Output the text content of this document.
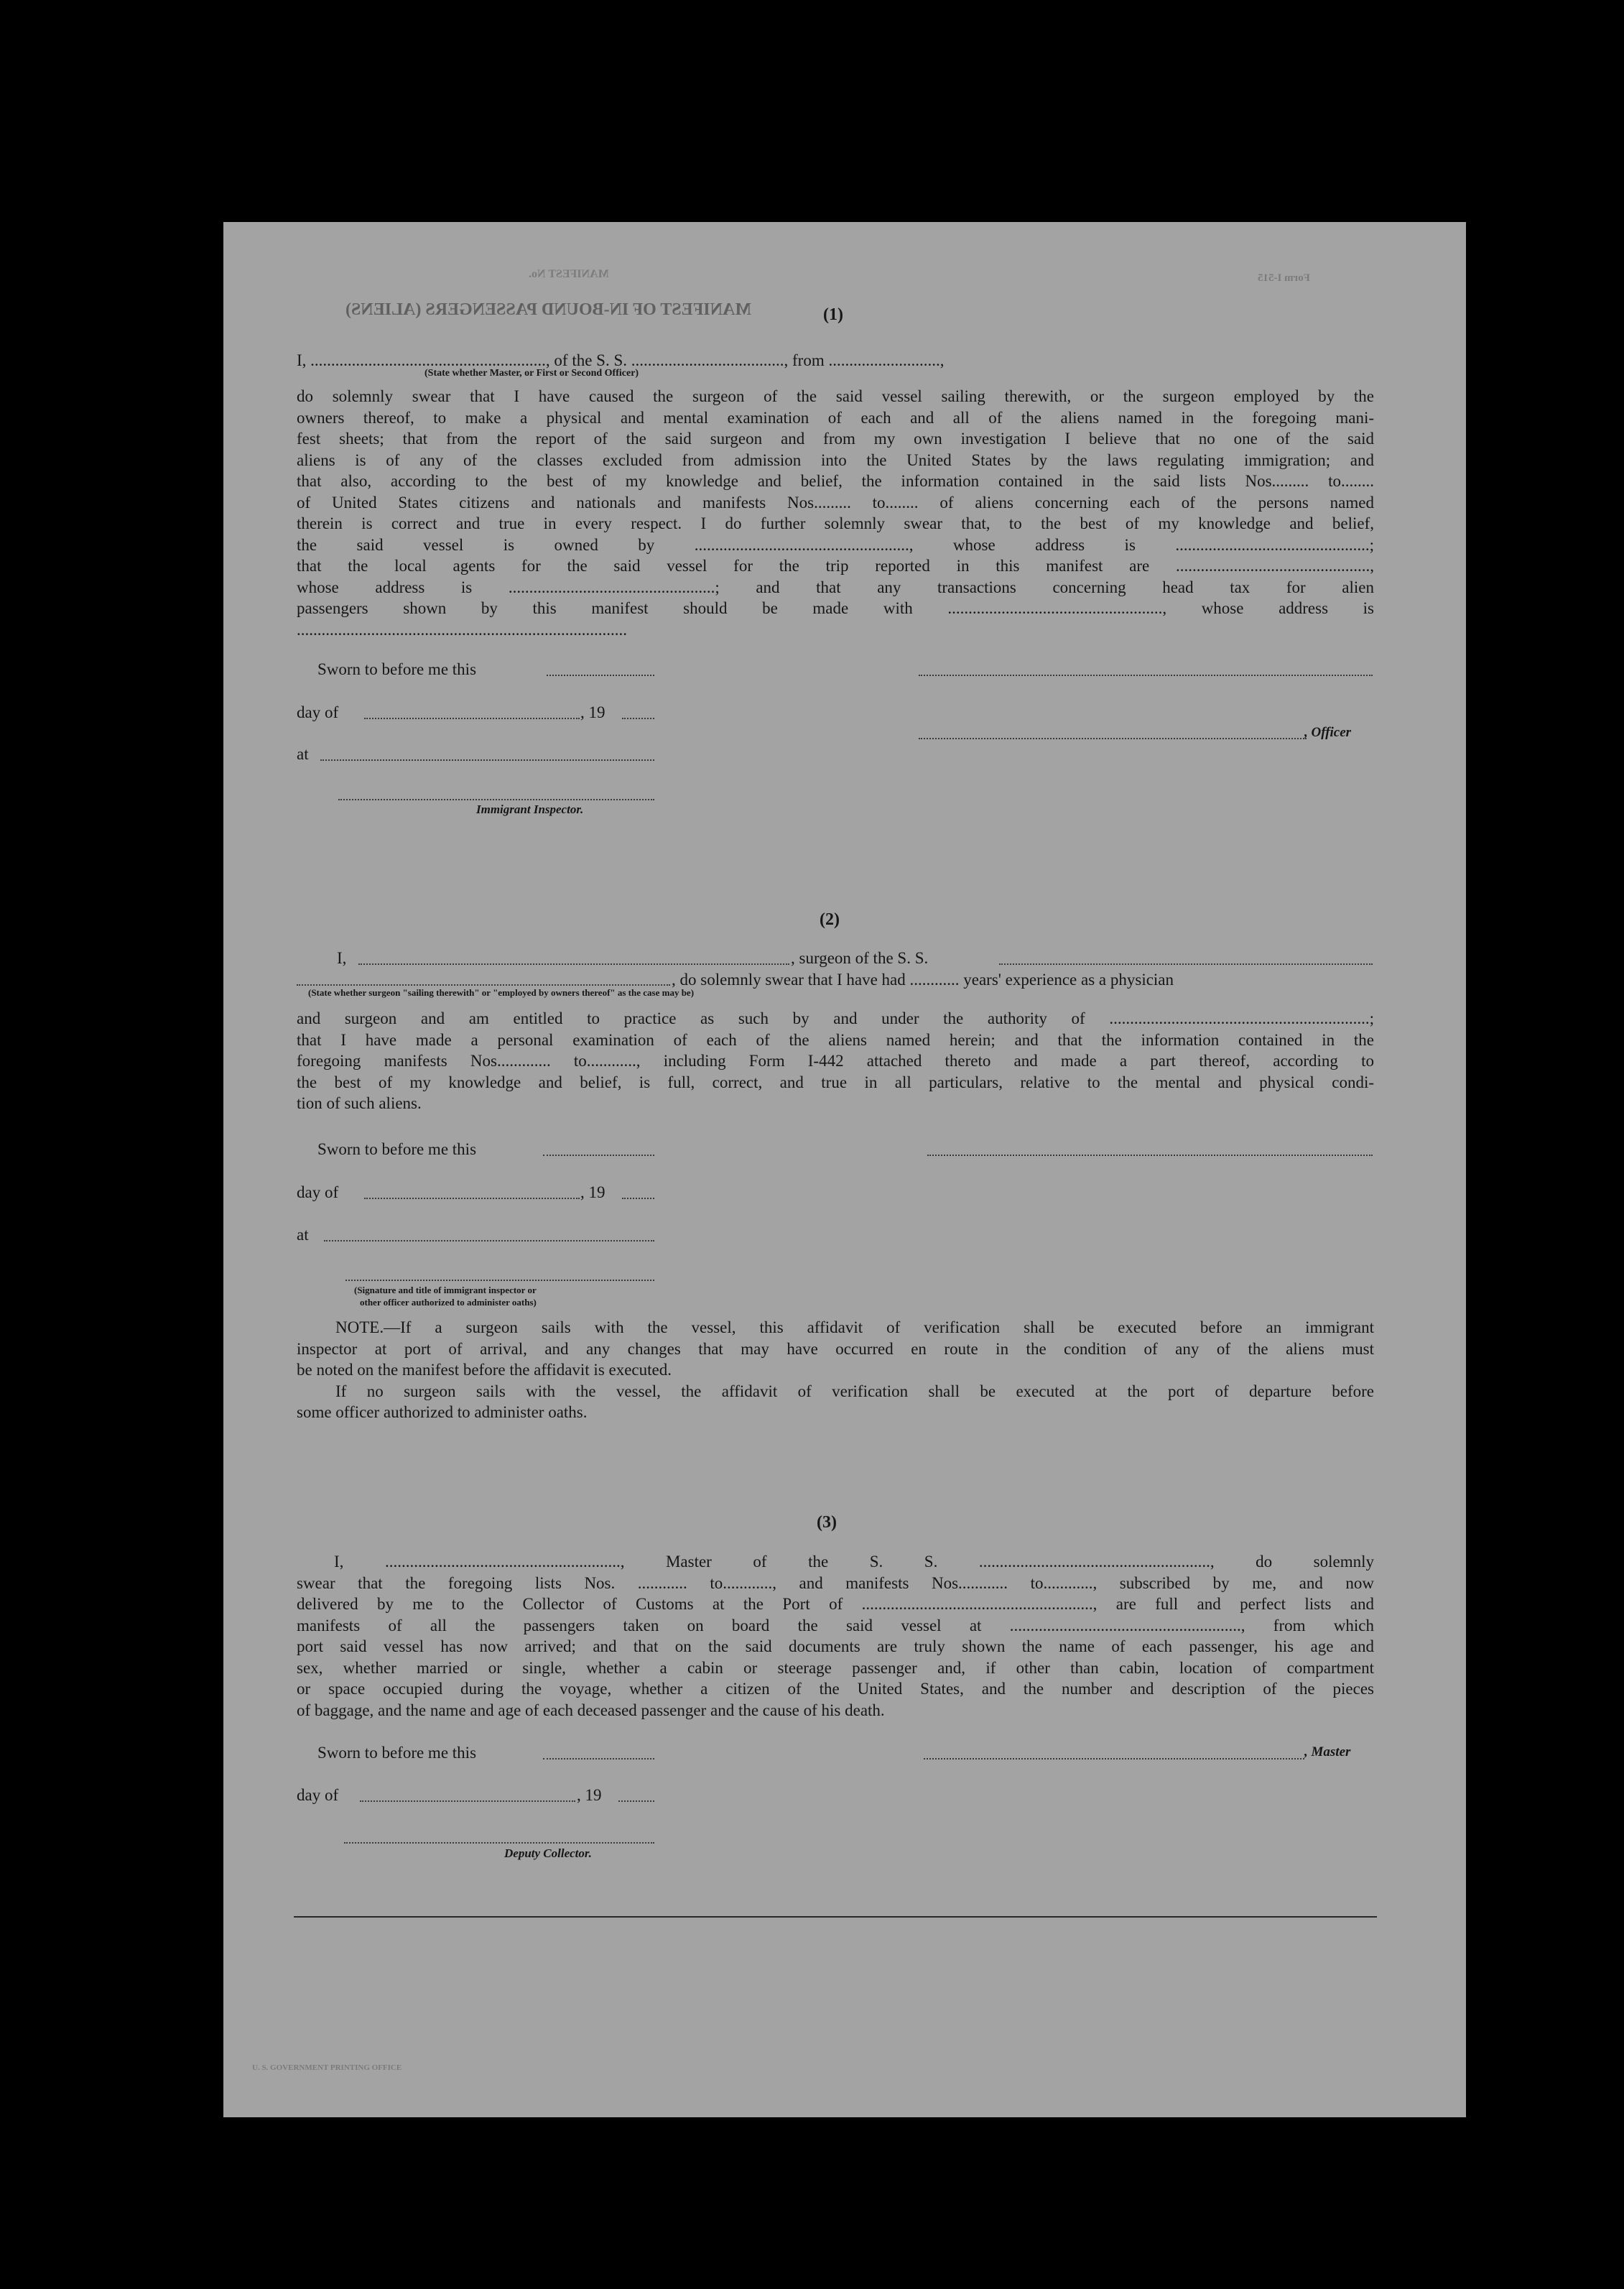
MANIFEST No.
MANIFEST OF IN-BOUND PASSENGERS (ALIENS)
Form I-515
(1)
I, ........................................................., of the S. S. ....................................., from ...........................,
(State whether Master, or First or Second Officer)

do solemnly swear that I have caused the surgeon of the said vessel sailing therewith, or the surgeon employed by the

owners thereof, to make a physical and mental examination of each and all of the aliens named in the foregoing mani-

fest sheets; that from the report of the said surgeon and from my own investigation I believe that no one of the said

aliens is of any of the classes excluded from admission into the United States by the laws regulating immigration; and

that also, according to the best of my knowledge and belief, the information contained in the said lists Nos......... to........

of United States citizens and nationals and manifests Nos......... to........ of aliens concerning each of the persons named

therein is correct and true in every respect. I do further solemnly swear that, to the best of my knowledge and belief,

the said vessel is owned by ...................................................., whose address is ...............................................;

that the local agents for the said vessel for the trip reported in this manifest are ...............................................,

whose address is ..................................................; and that any transactions concerning head tax for alien

passengers shown by this manifest should be made with ...................................................., whose address is

................................................................................

Sworn to before me this
day of	, 19
, Officer
at
Immigrant Inspector.
(2)
I,	, surgeon of the S. S.
, do solemnly swear that I have had ............ years' experience as a physician
(State whether surgeon "sailing therewith" or "employed by owners thereof" as the case may be)

and surgeon and am entitled to practice as such by and under the authority of ...............................................................;

that I have made a personal examination of each of the aliens named herein; and that the information contained in the

foregoing manifests Nos............. to............, including Form I-442 attached thereto and made a part thereof, according to

the best of my knowledge and belief, is full, correct, and true in all particulars, relative to the mental and physical condi-

tion of such aliens.

Sworn to before me this
day of	, 19
at
(Signature and title of immigrant inspector or
other officer authorized to administer oaths)

NOTE.—If a surgeon sails with the vessel, this affidavit of verification shall be executed before an immigrant

inspector at port of arrival, and any changes that may have occurred en route in the condition of any of the aliens must

be noted on the manifest before the affidavit is executed.

If no surgeon sails with the vessel, the affidavit of verification shall be executed at the port of departure before

some officer authorized to administer oaths.

(3)

I, ........................................................., Master of the S. S. ........................................................, do solemnly

swear that the foregoing lists Nos. ............ to............, and manifests Nos............ to............, subscribed by me, and now

delivered by me to the Collector of Customs at the Port of ........................................................, are full and perfect lists and

manifests of all the passengers taken on board the said vessel at ........................................................, from which

port said vessel has now arrived; and that on the said documents are truly shown the name of each passenger, his age and

sex, whether married or single, whether a cabin or steerage passenger and, if other than cabin, location of compartment

or space occupied during the voyage, whether a citizen of the United States, and the number and description of the pieces

of baggage, and the name and age of each deceased passenger and the cause of his death.

Sworn to before me this	, Master
day of	, 19
Deputy Collector.
U. S. GOVERNMENT PRINTING OFFICE
